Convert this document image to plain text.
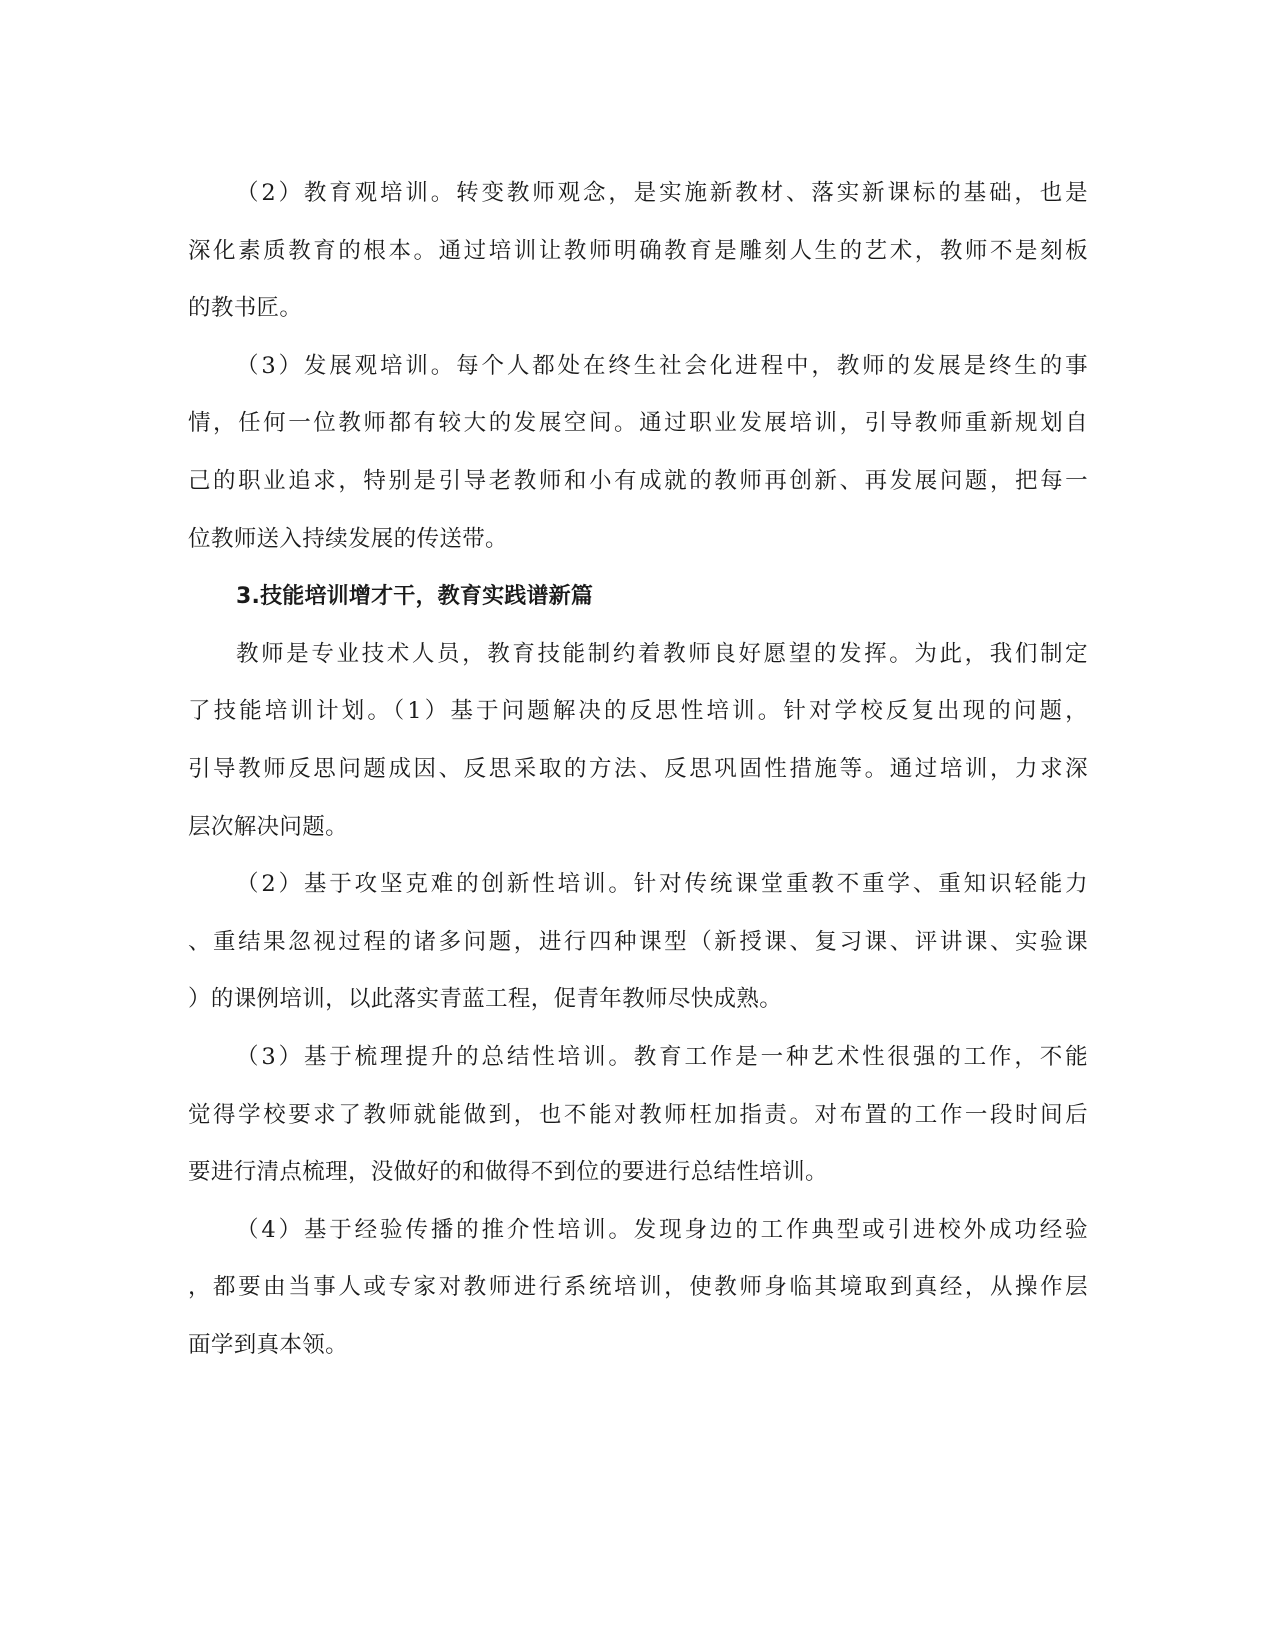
（2）教育观培训。转变教师观念，是实施新教材、落实新课标的基础，也是
深化素质教育的根本。通过培训让教师明确教育是雕刻人生的艺术，教师不是刻板
的教书匠。

（3）发展观培训。每个人都处在终生社会化进程中，教师的发展是终生的事
情，任何一位教师都有较大的发展空间。通过职业发展培训，引导教师重新规划自
己的职业追求，特别是引导老教师和小有成就的教师再创新、再发展问题，把每一
位教师送入持续发展的传送带。

3.技能培训增才干，教育实践谱新篇

教师是专业技术人员，教育技能制约着教师良好愿望的发挥。为此，我们制定
了技能培训计划。（1）基于问题解决的反思性培训。针对学校反复出现的问题，
引导教师反思问题成因、反思采取的方法、反思巩固性措施等。通过培训，力求深
层次解决问题。

（2）基于攻坚克难的创新性培训。针对传统课堂重教不重学、重知识轻能力
、重结果忽视过程的诸多问题，进行四种课型（新授课、复习课、评讲课、实验课
）的课例培训，以此落实青蓝工程，促青年教师尽快成熟。

（3）基于梳理提升的总结性培训。教育工作是一种艺术性很强的工作，不能
觉得学校要求了教师就能做到，也不能对教师枉加指责。对布置的工作一段时间后
要进行清点梳理，没做好的和做得不到位的要进行总结性培训。

（4）基于经验传播的推介性培训。发现身边的工作典型或引进校外成功经验
，都要由当事人或专家对教师进行系统培训，使教师身临其境取到真经，从操作层
面学到真本领。
